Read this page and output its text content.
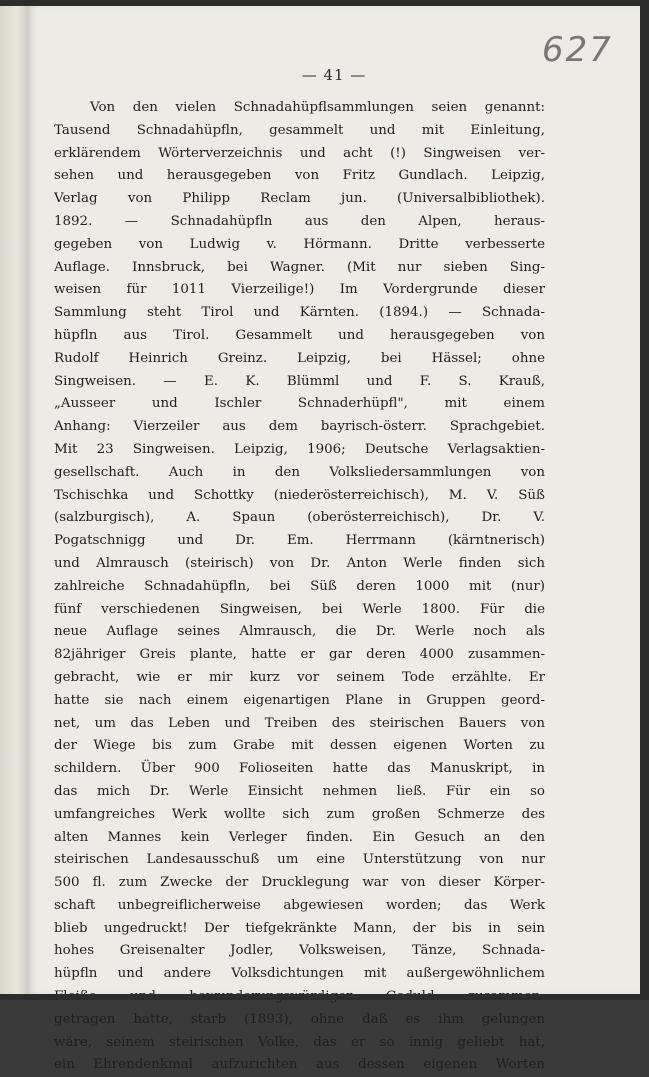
627
— 41 —
Von den vielen Schnadahüpflsammlungen seien genannt:
Tausend Schnadahüpfln, gesammelt und mit Einleitung,
erklärendem Wörterverzeichnis und acht (!) Singweisen ver-
sehen und herausgegeben von Fritz Gundlach. Leipzig,
Verlag von Philipp Reclam jun. (Universalbibliothek).
1892. — Schnadahüpfln aus den Alpen, heraus-
gegeben von Ludwig v. Hörmann. Dritte verbesserte
Auflage. Innsbruck, bei Wagner. (Mit nur sieben Sing-
weisen für 1011 Vierzeilige!) Im Vordergrunde dieser
Sammlung steht Tirol und Kärnten. (1894.) — Schnada-
hüpfln aus Tirol. Gesammelt und herausgegeben von
Rudolf Heinrich Greinz. Leipzig, bei Hässel; ohne
Singweisen. — E. K. Blümml und F. S. Krauß,
„Ausseer und Ischler Schnaderhüpfl", mit einem
Anhang: Vierzeiler aus dem bayrisch-österr. Sprachgebiet.
Mit 23 Singweisen. Leipzig, 1906; Deutsche Verlagsaktien-
gesellschaft. Auch in den Volksliedersammlungen von
Tschischka und Schottky (niederösterreichisch), M. V. Süß
(salzburgisch), A. Spaun (oberösterreichisch), Dr. V.
Pogatschnigg und Dr. Em. Herrmann (kärntnerisch)
und Almrausch (steirisch) von Dr. Anton Werle finden sich
zahlreiche Schnadahüpfln, bei Süß deren 1000 mit (nur)
fünf verschiedenen Singweisen, bei Werle 1800. Für die
neue Auflage seines Almrausch, die Dr. Werle noch als
82jähriger Greis plante, hatte er gar deren 4000 zusammen-
gebracht, wie er mir kurz vor seinem Tode erzählte. Er
hatte sie nach einem eigenartigen Plane in Gruppen geord-
net, um das Leben und Treiben des steirischen Bauers von
der Wiege bis zum Grabe mit dessen eigenen Worten zu
schildern. Über 900 Folioseiten hatte das Manuskript, in
das mich Dr. Werle Einsicht nehmen ließ. Für ein so
umfangreiches Werk wollte sich zum großen Schmerze des
alten Mannes kein Verleger finden. Ein Gesuch an den
steirischen Landesausschuß um eine Unterstützung von nur
500 fl. zum Zwecke der Drucklegung war von dieser Körper-
schaft unbegreiflicherweise abgewiesen worden; das Werk
blieb ungedruckt! Der tiefgekränkte Mann, der bis in sein
hohes Greisenalter Jodler, Volksweisen, Tänze, Schnada-
hüpfln und andere Volksdichtungen mit außergewöhnlichem
getragen hatte, starb (1893), ohne daß es ihm gelungen
wäre, seinem steirischen Volke, das er so innig geliebt hat,
ein Ehrendenkmal aufzurichten aus dessen eigenen Worten
